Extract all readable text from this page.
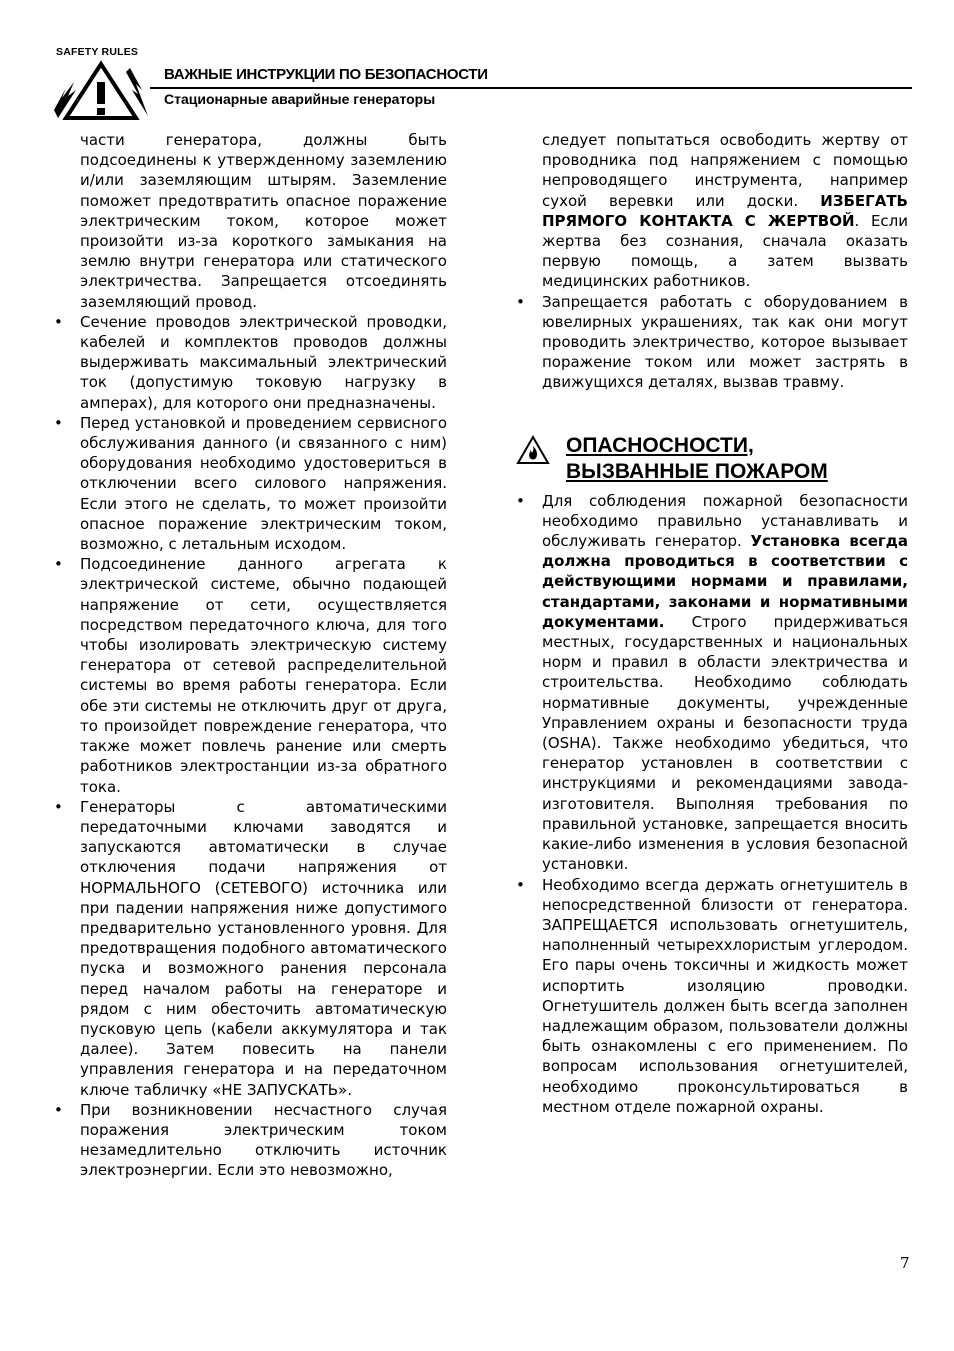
SAFETY RULES
ВАЖНЫЕ ИНСТРУКЦИИ ПО БЕЗОПАСНОСТИ
Стационарные аварийные генераторы

части генератора, должны быть подсоединены к утвержденному заземлению и/или заземляющим штырям. Заземление поможет предотвратить опасное поражение электрическим током, которое может произойти из-за короткого замыкания на землю внутри генератора или статического электричества. Запрещается отсоединять заземляющий провод.

•	Сечение проводов электрической проводки, кабелей и комплектов проводов должны выдерживать максимальный электрический ток (допустимую токовую нагрузку в амперах), для которого они предназначены.
•	Перед установкой и проведением сервисного обслуживания данного (и связанного с ним) оборудования необходимо удостовериться в отключении всего силового напряжения. Если этого не сделать, то может произойти опасное поражение электрическим током, возможно, с летальным исходом.
•	Подсоединение данного агрегата к электрической системе, обычно подающей напряжение от сети, осуществляется посредством передаточного ключа, для того чтобы изолировать электрическую систему генератора от сетевой распределительной системы во время работы генератора. Если обе эти системы не отключить друг от друга, то произойдет повреждение генератора, что также может повлечь ранение или смерть работников электростанции из-за обратного тока.
•	Генераторы с автоматическими передаточными ключами заводятся и запускаются автоматически в случае отключения подачи напряжения от НОРМАЛЬНОГО (СЕТЕВОГО) источника или при падении напряжения ниже допустимого предварительно установленного уровня. Для предотвращения подобного автоматического пуска и возможного ранения персонала перед началом работы на генераторе и рядом с ним обесточить автоматическую пусковую цепь (кабели аккумулятора и так далее). Затем повесить на панели управления генератора и на передаточном ключе табличку «НЕ ЗАПУСКАТЬ».
•	При возникновении несчастного случая поражения электрическим током незамедлительно отключить источник электроэнергии. Если это невозможно,

следует попытаться освободить жертву от проводника под напряжением с помощью непроводящего инструмента, например сухой веревки или доски. ИЗБЕГАТЬ ПРЯМОГО КОНТАКТА С ЖЕРТВОЙ. Если жертва без сознания, сначала оказать первую помощь, а затем вызвать медицинских работников.

•	Запрещается работать с оборудованием в ювелирных украшениях, так как они могут проводить электричество, которое вызывает поражение током или может застрять в движущихся деталях, вызвав травму.
ОПАСНОСНОСТИ,
ВЫЗВАННЫЕ ПОЖАРОМ
•	Для соблюдения пожарной безопасности необходимо правильно устанавливать и обслуживать генератор. Установка всегда должна проводиться в соответствии с действующими нормами и правилами, стандартами, законами и нормативными документами. Строго придерживаться местных, государственных и национальных норм и правил в области электричества и строительства. Необходимо соблюдать нормативные документы, учрежденные Управлением охраны и безопасности труда (OSHA). Также необходимо убедиться, что генератор установлен в соответствии с инструкциями и рекомендациями завода-изготовителя. Выполняя требования по правильной установке, запрещается вносить какие-либо изменения в условия безопасной установки.
•	Необходимо всегда держать огнетушитель в непосредственной близости от генератора. ЗАПРЕЩАЕТСЯ использовать огнетушитель, наполненный четыреххлористым углеродом. Его пары очень токсичны и жидкость может испортить изоляцию проводки. Огнетушитель должен быть всегда заполнен надлежащим образом, пользователи должны быть ознакомлены с его применением. По вопросам использования огнетушителей, необходимо проконсультироваться в местном отделе пожарной охраны.
7
